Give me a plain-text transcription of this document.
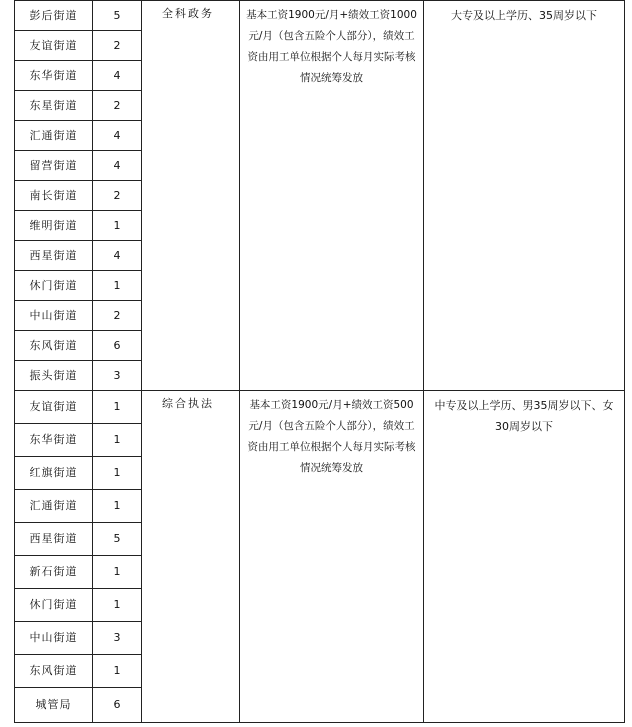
彭后街道	5	全科政务	基本工资1900元/月+绩效工资1000元/月（包含五险个人部分），绩效工资由用工单位根据个人每月实际考核情况统筹发放	大专及以上学历、35周岁以下
友谊街道	2			
东华街道	4			
东星街道	2			
汇通街道	4			
留营街道	4			
南长街道	2			
维明街道	1			
西星街道	4			
休门街道	1			
中山街道	2			
东风街道	6			
振头街道	3			
友谊街道	1	综合执法	基本工资1900元/月+绩效工资500元/月（包含五险个人部分），绩效工资由用工单位根据个人每月实际考核情况统筹发放	中专及以上学历、男35周岁以下、女30周岁以下
东华街道	1			
红旗街道	1			
汇通街道	1			
西星街道	5			
新石街道	1			
休门街道	1			
中山街道	3			
东风街道	1			
城管局	6			
